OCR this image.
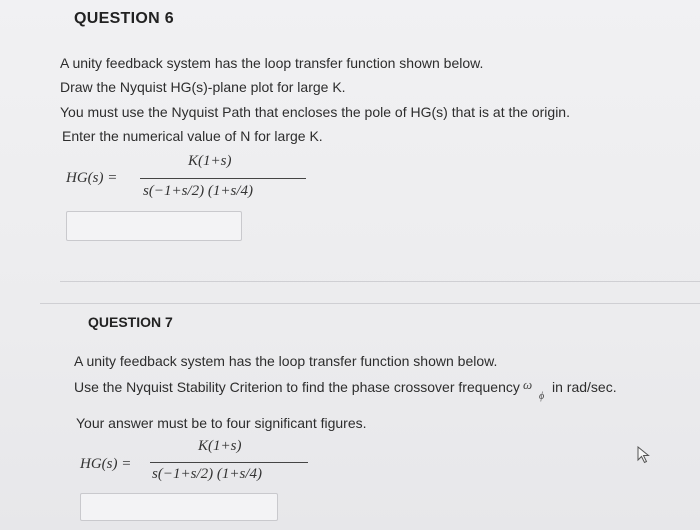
QUESTION 6
A unity feedback system has the loop transfer function shown below.
Draw the Nyquist HG(s)-plane plot for large K.
You must use the Nyquist Path that encloses the pole of HG(s) that is at the origin.
Enter the numerical value of N for large K.
HG(s) =
K(1+s)
s(−1+s/2) (1+s/4)
QUESTION 7
A unity feedback system has the loop transfer function shown below.
Use the Nyquist Stability Criterion to find the phase crossover frequency ω
ϕ
in rad/sec.
Your answer must be to four significant figures.
HG(s) =
K(1+s)
s(−1+s/2) (1+s/4)
